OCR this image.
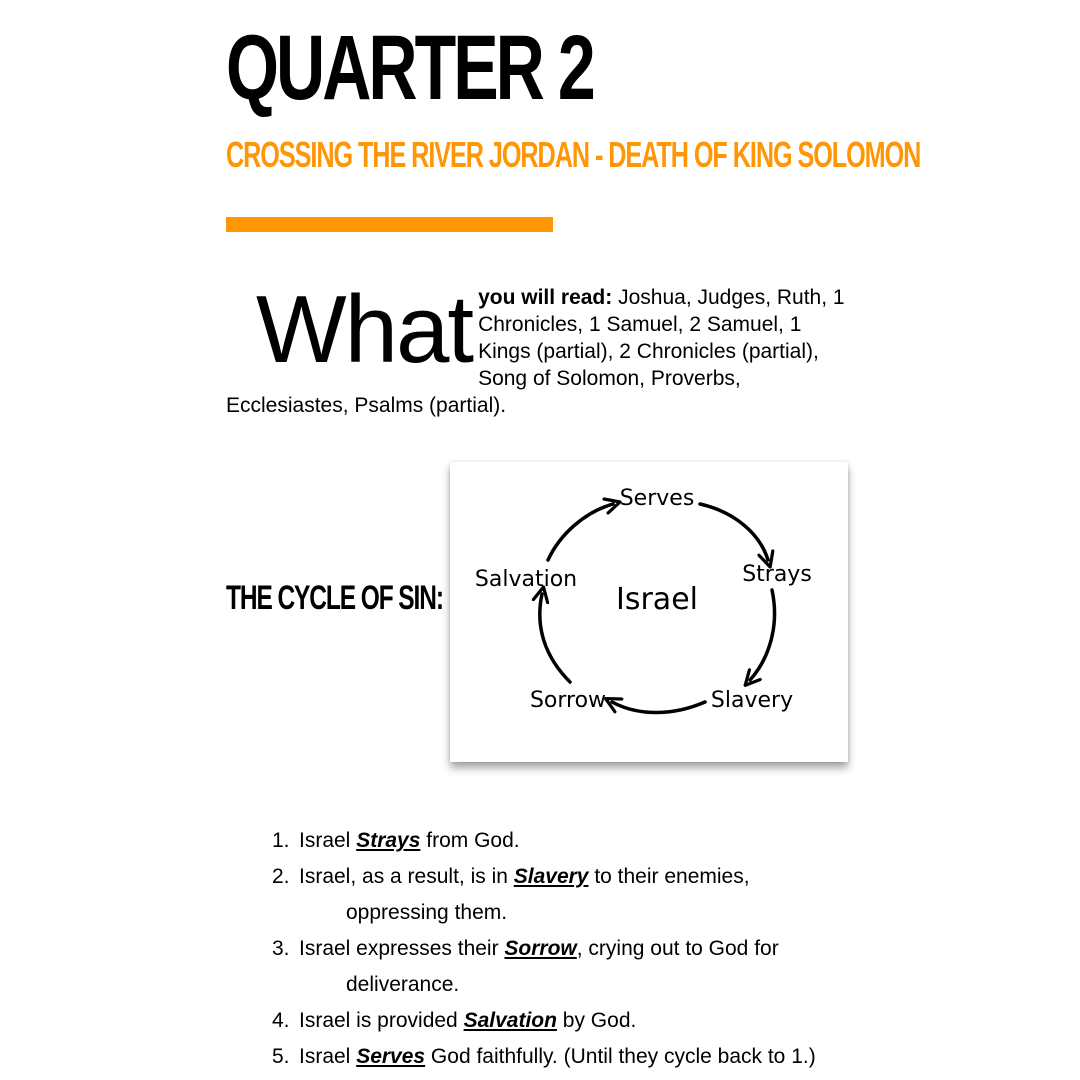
QUARTER 2
CROSSING THE RIVER JORDAN - DEATH OF KING SOLOMON
What you will read: Joshua, Judges, Ruth, 1 Chronicles, 1 Samuel, 2 Samuel, 1 Kings (partial), 2 Chronicles (partial), Song of Solomon, Proverbs, Ecclesiastes, Psalms (partial).
THE CYCLE OF SIN:
Serves
Strays
Slavery
Sorrow
Salvation
Israel
1. Israel Strays from God.
2. Israel, as a result, is in Slavery to their enemies,
oppressing them.
3. Israel expresses their Sorrow, crying out to God for
deliverance.
4. Israel is provided Salvation by God.
5. Israel Serves God faithfully. (Until they cycle back to 1.)
